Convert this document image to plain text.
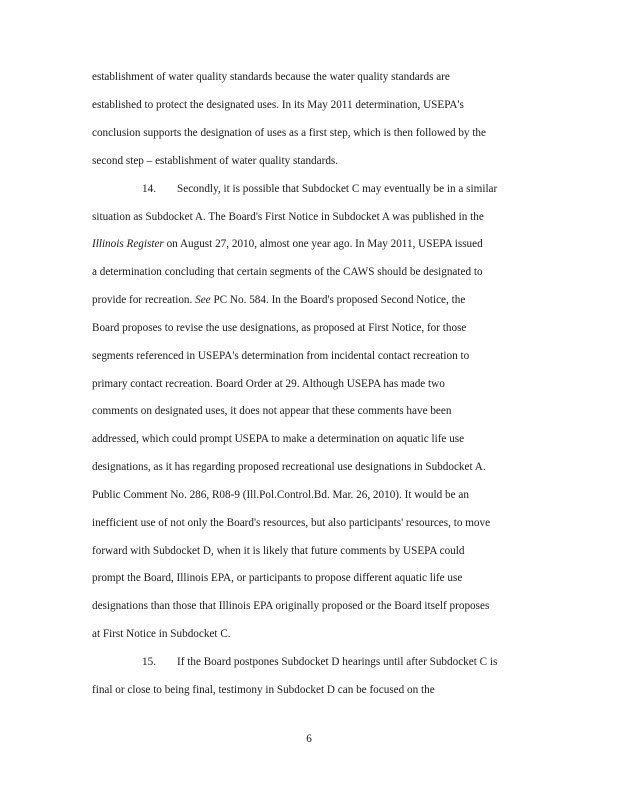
establishment of water quality standards because the water quality standards are
established to protect the designated uses. In its May 2011 determination, USEPA's
conclusion supports the designation of uses as a first step, which is then followed by the
second step – establishment of water quality standards.
14. Secondly, it is possible that Subdocket C may eventually be in a similar
situation as Subdocket A. The Board's First Notice in Subdocket A was published in the
Illinois Register on August 27, 2010, almost one year ago. In May 2011, USEPA issued
a determination concluding that certain segments of the CAWS should be designated to
provide for recreation. See PC No. 584. In the Board's proposed Second Notice, the
Board proposes to revise the use designations, as proposed at First Notice, for those
segments referenced in USEPA's determination from incidental contact recreation to
primary contact recreation. Board Order at 29. Although USEPA has made two
comments on designated uses, it does not appear that these comments have been
addressed, which could prompt USEPA to make a determination on aquatic life use
designations, as it has regarding proposed recreational use designations in Subdocket A.
Public Comment No. 286, R08-9 (Ill.Pol.Control.Bd. Mar. 26, 2010). It would be an
inefficient use of not only the Board's resources, but also participants' resources, to move
forward with Subdocket D, when it is likely that future comments by USEPA could
prompt the Board, Illinois EPA, or participants to propose different aquatic life use
designations than those that Illinois EPA originally proposed or the Board itself proposes
at First Notice in Subdocket C.
15. If the Board postpones Subdocket D hearings until after Subdocket C is
final or close to being final, testimony in Subdocket D can be focused on the
6
